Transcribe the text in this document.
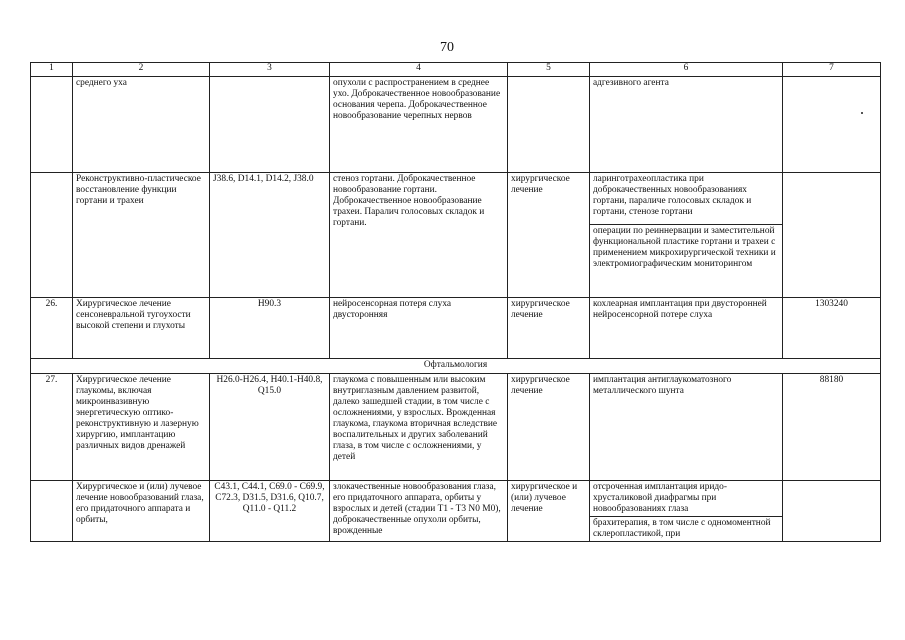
70
1	2	3	4	5	6	7
	среднего уха		опухоли с распространением в среднее ухо. Доброкачественное новообразование основания черепа. Доброкачественное новообразование черепных нервов		адгезивного агента	
	Реконструктивно-пластическое восстановление функции гортани и трахеи	J38.6, D14.1, D14.2, J38.0	стеноз гортани. Доброкачественное новообразование гортани. Доброкачественное новообразование трахеи. Паралич голосовых складок и гортани.	хирургическое лечение	ларинготрахеопластика при доброкачественных новообразованиях гортани, параличе голосовых складок и гортани, стенозе гортани	
					операции по реиннервации и заместительной функциональной пластике гортани и трахеи с применением микрохирургической техники и электромиографическим мониторингом	
26.	Хирургическое лечение сенсоневральной тугоухости высокой степени и глухоты	H90.3	нейросенсорная потеря слуха двусторонняя	хирургическое лечение	кохлеарная имплантация при двусторонней нейросенсорной потере слуха	1303240
Офтальмология						
27.	Хирургическое лечение глаукомы, включая микроинвазивную энергетическую оптико-реконструктивную и лазерную хирургию, имплантацию различных видов дренажей	H26.0-H26.4, H40.1-H40.8, Q15.0	глаукома с повышенным или высоким внутриглазным давлением развитой, далеко зашедшей стадии, в том числе с осложнениями, у взрослых. Врожденная глаукома, глаукома вторичная вследствие воспалительных и других заболеваний глаза, в том числе с осложнениями, у детей	хирургическое лечение	имплантация антиглаукоматозного металлического шунта	88180
	Хирургическое и (или) лучевое лечение новообразований глаза, его придаточного аппарата и орбиты,	C43.1, C44.1, C69.0 - C69.9, C72.3, D31.5, D31.6, Q10.7, Q11.0 - Q11.2	злокачественные новообразования глаза, его придаточного аппарата, орбиты у взрослых и детей (стадии T1 - T3 N0 M0), доброкачественные опухоли орбиты, врожденные	хирургическое и (или) лучевое лечение	отсроченная имплантация иридо-хрусталиковой диафрагмы при новообразованиях глаза	
					брахитерапия, в том числе с одномоментной склеропластикой, при	
